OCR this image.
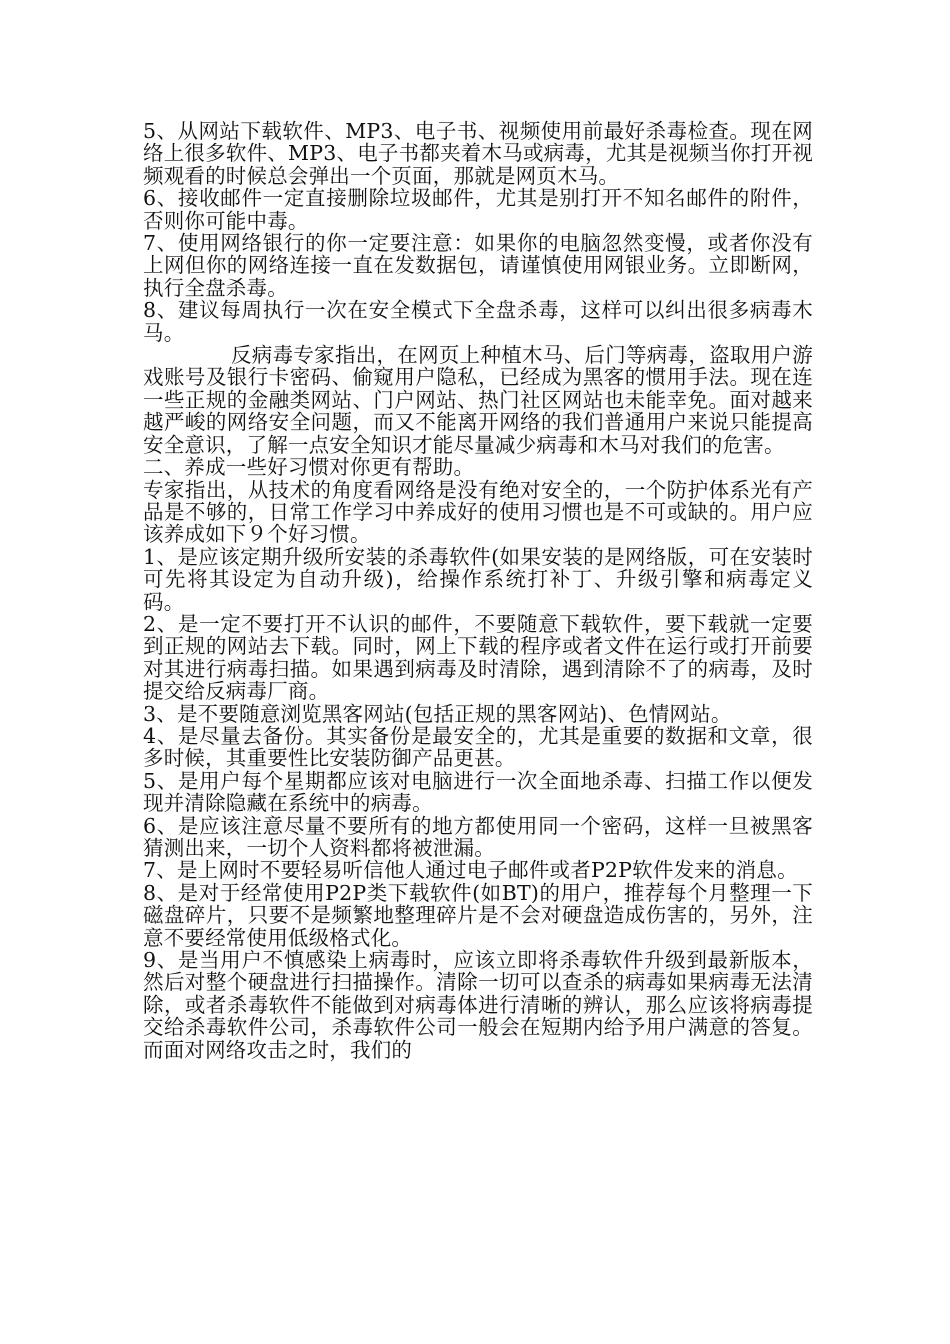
5、从网站下载软件、MP3、电子书、视频使用前最好杀毒检查。现在网络上很多软件、MP3、电子书都夹着木马或病毒，尤其是视频当你打开视频观看的时候总会弹出一个页面，那就是网页木马。

6、接收邮件一定直接删除垃圾邮件，尤其是别打开不知名邮件的附件，否则你可能中毒。

7、使用网络银行的你一定要注意：如果你的电脑忽然变慢，或者你没有上网但你的网络连接一直在发数据包，请谨慎使用网银业务。立即断网，执行全盘杀毒。

8、建议每周执行一次在安全模式下全盘杀毒，这样可以纠出很多病毒木马。

反病毒专家指出，在网页上种植木马、后门等病毒，盗取用户游戏账号及银行卡密码、偷窥用户隐私，已经成为黑客的惯用手法。现在连一些正规的金融类网站、门户网站、热门社区网站也未能幸免。面对越来越严峻的网络安全问题，而又不能离开网络的我们普通用户来说只能提高安全意识，了解一点安全知识才能尽量减少病毒和木马对我们的危害。

二、养成一些好习惯对你更有帮助。

专家指出，从技术的角度看网络是没有绝对安全的，一个防护体系光有产品是不够的，日常工作学习中养成好的使用习惯也是不可或缺的。用户应该养成如下９个好习惯。

1、是应该定期升级所安装的杀毒软件(如果安装的是网络版，可在安装时可先将其设定为自动升级)，给操作系统打补丁、升级引擎和病毒定义码。

2、是一定不要打开不认识的邮件，不要随意下载软件，要下载就一定要到正规的网站去下载。同时，网上下载的程序或者文件在运行或打开前要对其进行病毒扫描。如果遇到病毒及时清除，遇到清除不了的病毒，及时提交给反病毒厂商。

3、是不要随意浏览黑客网站(包括正规的黑客网站)、色情网站。

4、是尽量去备份。其实备份是最安全的，尤其是重要的数据和文章，很多时候，其重要性比安装防御产品更甚。

5、是用户每个星期都应该对电脑进行一次全面地杀毒、扫描工作以便发现并清除隐藏在系统中的病毒。

6、是应该注意尽量不要所有的地方都使用同一个密码，这样一旦被黑客猜测出来，一切个人资料都将被泄漏。

7、是上网时不要轻易听信他人通过电子邮件或者P2P软件发来的消息。

8、是对于经常使用P2P类下载软件(如BT)的用户，推荐每个月整理一下磁盘碎片，只要不是频繁地整理碎片是不会对硬盘造成伤害的，另外，注意不要经常使用低级格式化。

9、是当用户不慎感染上病毒时，应该立即将杀毒软件升级到最新版本，然后对整个硬盘进行扫描操作。清除一切可以查杀的病毒如果病毒无法清除，或者杀毒软件不能做到对病毒体进行清晰的辨认，那么应该将病毒提交给杀毒软件公司，杀毒软件公司一般会在短期内给予用户满意的答复。而面对网络攻击之时，我们的
